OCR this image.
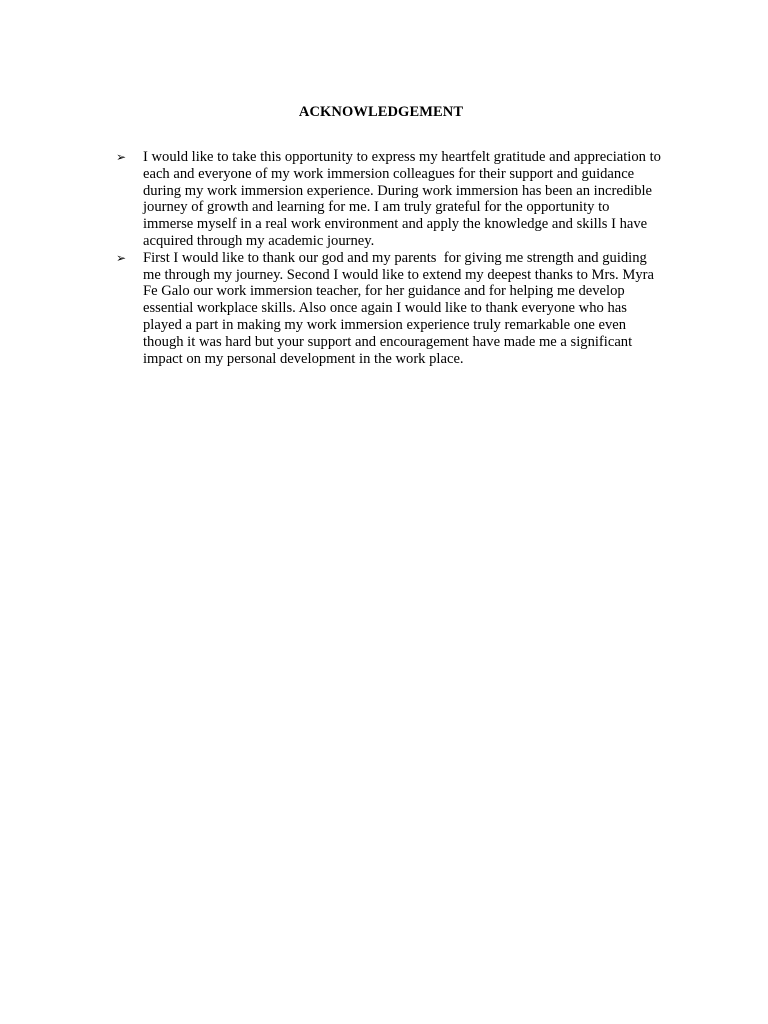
ACKNOWLEDGEMENT
➢ I would like to take this opportunity to express my heartfelt gratitude and appreciation to each and everyone of my work immersion colleagues for their support and guidance during my work immersion experience. During work immersion has been an incredible journey of growth and learning for me. I am truly grateful for the opportunity to immerse myself in a real work environment and apply the knowledge and skills I have acquired through my academic journey.
➢ First I would like to thank our god and my parents  for giving me strength and guiding me through my journey. Second I would like to extend my deepest thanks to Mrs. Myra Fe Galo our work immersion teacher, for her guidance and for helping me develop essential workplace skills. Also once again I would like to thank everyone who has played a part in making my work immersion experience truly remarkable one even though it was hard but your support and encouragement have made me a significant impact on my personal development in the work place.
